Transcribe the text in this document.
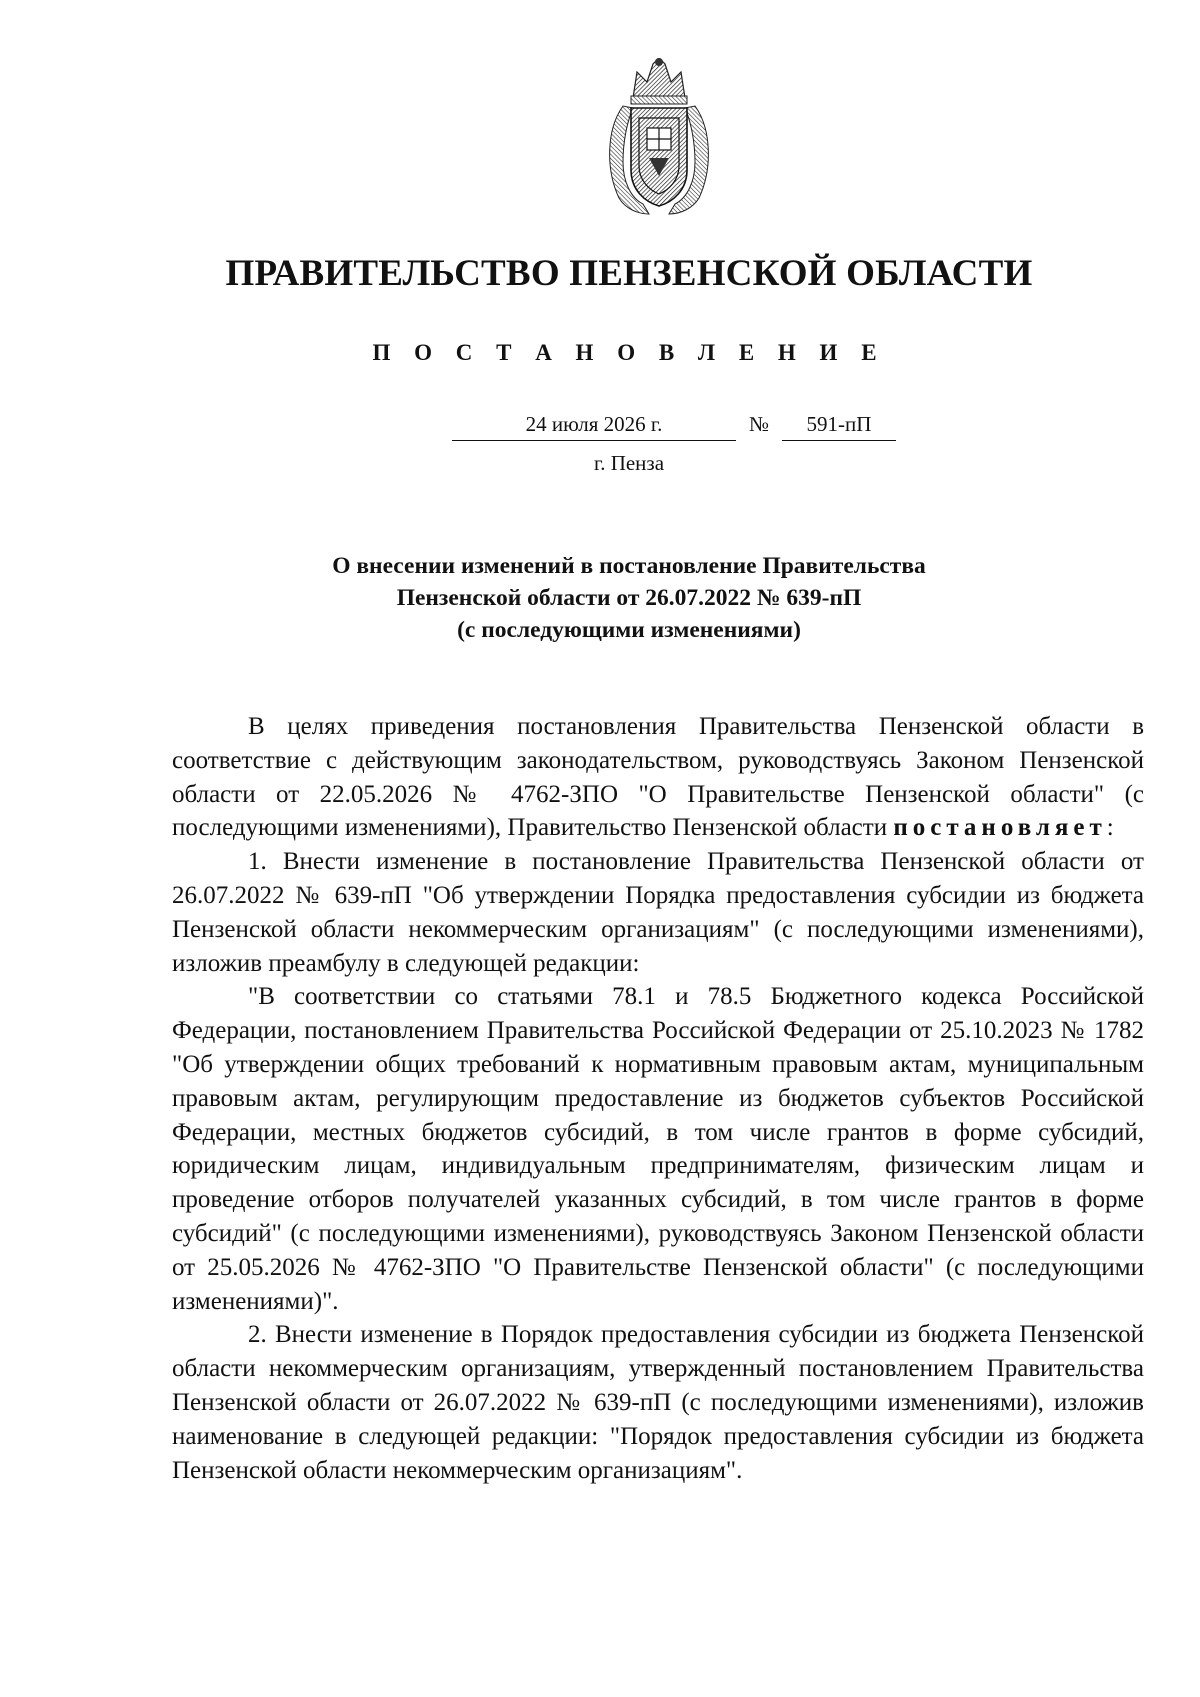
ПРАВИТЕЛЬСТВО ПЕНЗЕНСКОЙ ОБЛАСТИ
П О С Т А Н О В Л Е Н И Е
24 июля 2026 г.	№	591-пП
г. Пенза
О внесении изменений в постановление Правительства
Пензенской области от 26.07.2022 № 639-пП
(с последующими изменениями)

В целях приведения постановления Правительства Пензенской области в соответствие с действующим законодательством, руководствуясь Законом Пензенской области от 22.05.2026 № 4762-ЗПО "О Правительстве Пензенской области" (с последующими изменениями), Правительство Пензенской области постановляет:

1. Внести изменение в постановление Правительства Пензенской области от 26.07.2022 № 639-пП "Об утверждении Порядка предоставления субсидии из бюджета Пензенской области некоммерческим организациям" (с последующими изменениями), изложив преамбулу в следующей редакции:

"В соответствии со статьями 78.1 и 78.5 Бюджетного кодекса Российской Федерации, постановлением Правительства Российской Федерации от 25.10.2023 № 1782 "Об утверждении общих требований к нормативным правовым актам, муниципальным правовым актам, регулирующим предоставление из бюджетов субъектов Российской Федерации, местных бюджетов субсидий, в том числе грантов в форме субсидий, юридическим лицам, индивидуальным предпринимателям, физическим лицам и проведение отборов получателей указанных субсидий, в том числе грантов в форме субсидий" (с последующими изменениями), руководствуясь Законом Пензенской области от 25.05.2026 № 4762-ЗПО "О Правительстве Пензенской области" (с последующими изменениями)".

2. Внести изменение в Порядок предоставления субсидии из бюджета Пензенской области некоммерческим организациям, утвержденный постановлением Правительства Пензенской области от 26.07.2022 № 639-пП (с последующими изменениями), изложив наименование в следующей редакции: "Порядок предоставления субсидии из бюджета Пензенской области некоммерческим организациям".
